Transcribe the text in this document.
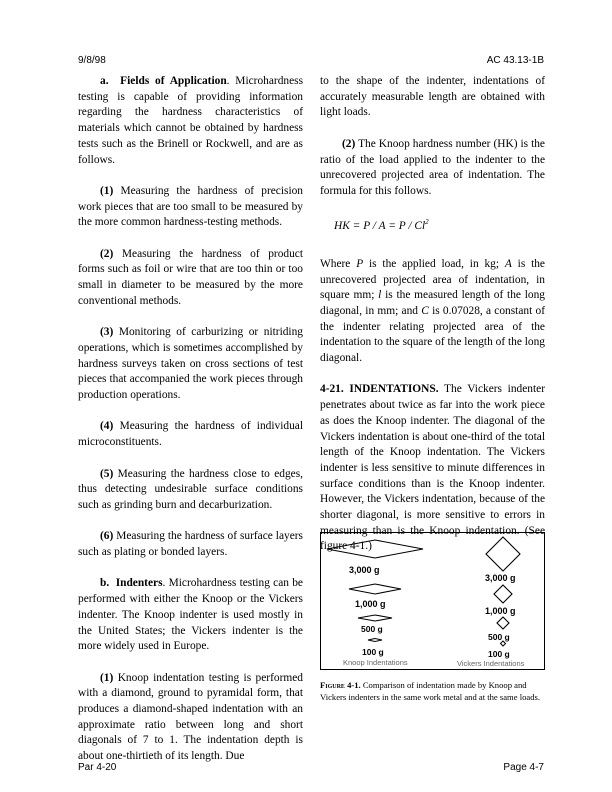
9/8/98	AC 43.13-1B

a. Fields of Application. Microhardness testing is capable of providing information regarding the hardness characteristics of materials which cannot be obtained by hardness tests such as the Brinell or Rockwell, and are as follows.

(1) Measuring the hardness of precision work pieces that are too small to be measured by the more common hardness-testing methods.

(2) Measuring the hardness of product forms such as foil or wire that are too thin or too small in diameter to be measured by the more conventional methods.

(3) Monitoring of carburizing or nitriding operations, which is sometimes accomplished by hardness surveys taken on cross sections of test pieces that accompanied the work pieces through production operations.

(4) Measuring the hardness of individual microconstituents.

(5) Measuring the hardness close to edges, thus detecting undesirable surface conditions such as grinding burn and decarburization.

(6) Measuring the hardness of surface layers such as plating or bonded layers.

b. Indenters. Microhardness testing can be performed with either the Knoop or the Vickers indenter. The Knoop indenter is used mostly in the United States; the Vickers indenter is the more widely used in Europe.

(1) Knoop indentation testing is performed with a diamond, ground to pyramidal form, that produces a diamond-shaped indentation with an approximate ratio between long and short diagonals of 7 to 1. The indentation depth is about one-thirtieth of its length. Due

to the shape of the indenter, indentations of accurately measurable length are obtained with light loads.

(2) The Knoop hardness number (HK) is the ratio of the load applied to the indenter to the unrecovered projected area of indentation. The formula for this follows.

HK = P / A = P / Cl$^2$

Where P is the applied load, in kg; A is the unrecovered projected area of indentation, in square mm; l is the measured length of the long diagonal, in mm; and C is 0.07028, a constant of the indenter relating projected area of the indentation to the square of the length of the long diagonal.

4-21. INDENTATIONS. The Vickers indenter penetrates about twice as far into the work piece as does the Knoop indenter. The diagonal of the Vickers indentation is about one-third of the total length of the Knoop indentation. The Vickers indenter is less sensitive to minute differences in surface conditions than is the Knoop indenter. However, the Vickers indentation, because of the shorter diagonal, is more sensitive to errors in measuring than is the Knoop indentation. (See figure 4-1.)

3,000 g
1,000 g
500 g
100 g
Knoop Indentations
3,000 g
1,000 g
500 g
100 g
Vickers Indentations
Figure 4-1. Comparison of indentation made by Knoop and Vickers indenters in the same work metal and at the same loads.
Par 4-20	Page 4-7
